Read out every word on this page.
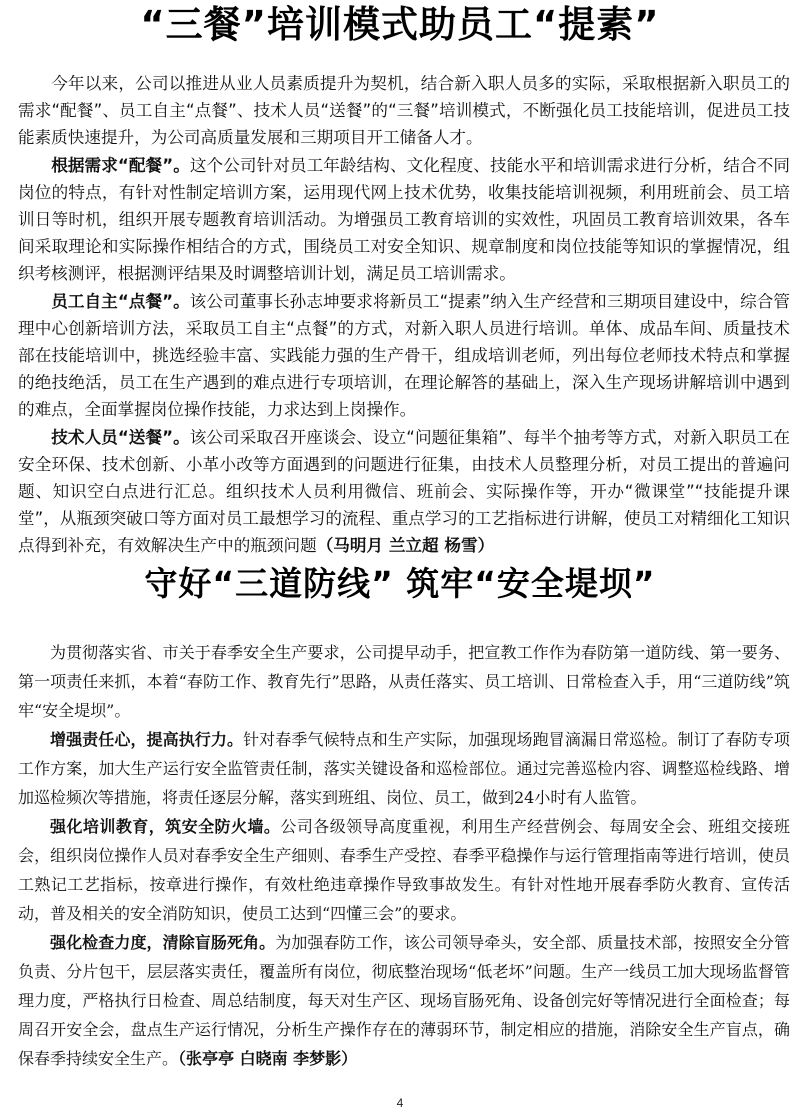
“三餐”培训模式助员工“提素”

今年以来，公司以推进从业人员素质提升为契机，结合新入职人员多的实际，采取根据新入职员工的需求“配餐”、员工自主“点餐”、技术人员“送餐”的“三餐”培训模式，不断强化员工技能培训，促进员工技能素质快速提升，为公司高质量发展和三期项目开工储备人才。

根据需求“配餐”。这个公司针对员工年龄结构、文化程度、技能水平和培训需求进行分析，结合不同岗位的特点，有针对性制定培训方案，运用现代网上技术优势，收集技能培训视频，利用班前会、员工培训日等时机，组织开展专题教育培训活动。为增强员工教育培训的实效性，巩固员工教育培训效果，各车间采取理论和实际操作相结合的方式，围绕员工对安全知识、规章制度和岗位技能等知识的掌握情况，组织考核测评，根据测评结果及时调整培训计划，满足员工培训需求。

员工自主“点餐”。该公司董事长孙志坤要求将新员工“提素”纳入生产经营和三期项目建设中，综合管理中心创新培训方法，采取员工自主“点餐”的方式，对新入职人员进行培训。单体、成品车间、质量技术部在技能培训中，挑选经验丰富、实践能力强的生产骨干，组成培训老师，列出每位老师技术特点和掌握的绝技绝活，员工在生产遇到的难点进行专项培训，在理论解答的基础上，深入生产现场讲解培训中遇到的难点，全面掌握岗位操作技能，力求达到上岗操作。

技术人员“送餐”。该公司采取召开座谈会、设立“问题征集箱”、每半个抽考等方式，对新入职员工在安全环保、技术创新、小革小改等方面遇到的问题进行征集，由技术人员整理分析，对员工提出的普遍问题、知识空白点进行汇总。组织技术人员利用微信、班前会、实际操作等，开办“微课堂”“技能提升课堂”，从瓶颈突破口等方面对员工最想学习的流程、重点学习的工艺指标进行讲解，使员工对精细化工知识点得到补充，有效解决生产中的瓶颈问题（马明月 兰立超 杨雪）

守好“三道防线” 筑牢“安全堤坝”

为贯彻落实省、市关于春季安全生产要求，公司提早动手，把宣教工作作为春防第一道防线、第一要务、第一项责任来抓，本着“春防工作、教育先行”思路，从责任落实、员工培训、日常检查入手，用“三道防线”筑牢“安全堤坝”。

增强责任心，提高执行力。针对春季气候特点和生产实际，加强现场跑冒滴漏日常巡检。制订了春防专项工作方案，加大生产运行安全监管责任制，落实关键设备和巡检部位。通过完善巡检内容、调整巡检线路、增加巡检频次等措施，将责任逐层分解，落实到班组、岗位、员工，做到24小时有人监管。

强化培训教育，筑安全防火墙。公司各级领导高度重视，利用生产经营例会、每周安全会、班组交接班会，组织岗位操作人员对春季安全生产细则、春季生产受控、春季平稳操作与运行管理指南等进行培训，使员工熟记工艺指标，按章进行操作，有效杜绝违章操作导致事故发生。有针对性地开展春季防火教育、宣传活动，普及相关的安全消防知识，使员工达到“四懂三会”的要求。

强化检查力度，清除盲肠死角。为加强春防工作，该公司领导牵头，安全部、质量技术部，按照安全分管负责、分片包干，层层落实责任，覆盖所有岗位，彻底整治现场“低老坏”问题。生产一线员工加大现场监督管理力度，严格执行日检查、周总结制度，每天对生产区、现场盲肠死角、设备创完好等情况进行全面检查；每周召开安全会，盘点生产运行情况，分析生产操作存在的薄弱环节，制定相应的措施，消除安全生产盲点，确保春季持续安全生产。（张亭亭 白晓南 李梦影）

4
